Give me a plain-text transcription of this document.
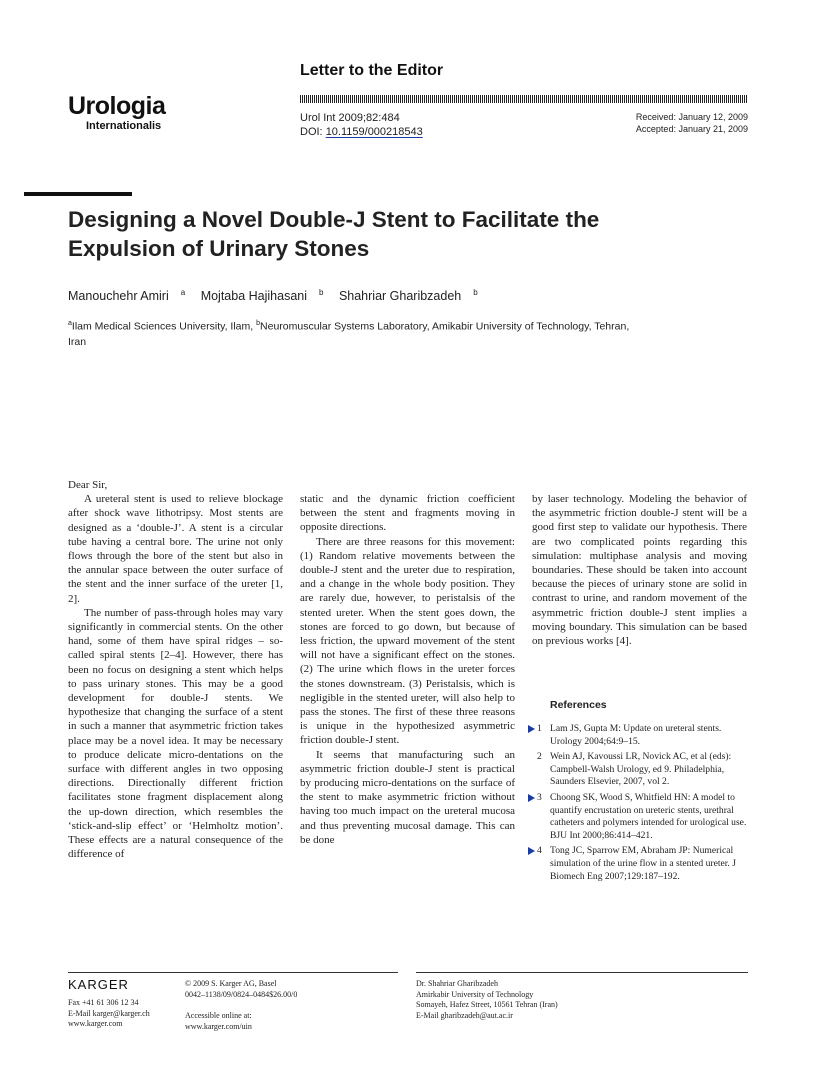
Urologia
Internationalis
Letter to the Editor
Urol Int 2009;82:484
DOI: 10.1159/000218543
Received: January 12, 2009
Accepted: January 21, 2009
Designing a Novel Double-J Stent to Facilitate the Expulsion of Urinary Stones
Manouchehr Amiri $^a$ Mojtaba Hajihasani $^b$ Shahriar Gharibzadeh $^b$
$^a$Ilam Medical Sciences University, Ilam, $^b$Neuromuscular Systems Laboratory, Amikabir University of Technology, Tehran, Iran

Dear Sir,

A ureteral stent is used to relieve blockage after shock wave lithotripsy. Most stents are designed as a ‘double-J’. A stent is a circular tube having a central bore. The urine not only flows through the bore of the stent but also in the annular space between the outer surface of the stent and the inner surface of the ureter [1, 2].

The number of pass-through holes may vary significantly in commercial stents. On the other hand, some of them have spiral ridges – so-called spiral stents [2–4]. However, there has been no focus on designing a stent which helps to pass urinary stones. This may be a good development for double-J stents. We hypothesize that changing the surface of a stent in such a manner that asymmetric friction takes place may be a novel idea. It may be necessary to produce delicate micro-dentations on the surface with different angles in two opposing directions. Directionally different friction facilitates stone fragment displacement along the up-down direction, which resembles the ‘stick-and-slip effect’ or ‘Helmholtz motion’. These effects are a natural consequence of the difference of

static and the dynamic friction coefficient between the stent and fragments moving in opposite directions.

There are three reasons for this movement: (1) Random relative movements between the double-J stent and the ureter due to respiration, and a change in the whole body position. They are rarely due, however, to peristalsis of the stented ureter. When the stent goes down, the stones are forced to go down, but because of less friction, the upward movement of the stent will not have a significant effect on the stones. (2) The urine which flows in the ureter forces the stones downstream. (3) Peristalsis, which is negligible in the stented ureter, will also help to pass the stones. The first of these three reasons is unique in the hypothesized asymmetric friction double-J stent.

It seems that manufacturing such an asymmetric friction double-J stent is practical by producing micro-dentations on the surface of the stent to make asymmetric friction without having too much impact on the ureteral mucosa and thus preventing mucosal damage. This can be done

by laser technology. Modeling the behavior of the asymmetric friction double-J stent will be a good first step to validate our hypothesis. There are two complicated points regarding this simulation: multiphase analysis and moving boundaries. These should be taken into account because the pieces of urinary stone are solid in contrast to urine, and random movement of the asymmetric friction double-J stent implies a moving boundary. This simulation can be based on previous works [4].

References
1 Lam JS, Gupta M: Update on ureteral stents. Urology 2004;64:9–15.
2 Wein AJ, Kavoussi LR, Novick AC, et al (eds): Campbell-Walsh Urology, ed 9. Philadelphia, Saunders Elsevier, 2007, vol 2.
3 Choong SK, Wood S, Whitfield HN: A model to quantify encrustation on ureteric stents, urethral catheters and polymers intended for urological use. BJU Int 2000;86:414–421.
4 Tong JC, Sparrow EM, Abraham JP: Numerical simulation of the urine flow in a stented ureter. J Biomech Eng 2007;129:187–192.
KARGER
Fax +41 61 306 12 34
E-Mail karger@karger.ch
www.karger.com
© 2009 S. Karger AG, Basel
0042–1138/09/0824–0484$26.00/0
Accessible online at:
www.karger.com/uin
Dr. Shahriar Gharibzadeh
Amirkabir University of Technology
Somayeh, Hafez Street, 10561 Tehran (Iran)
E-Mail gharibzadeh@aut.ac.ir
